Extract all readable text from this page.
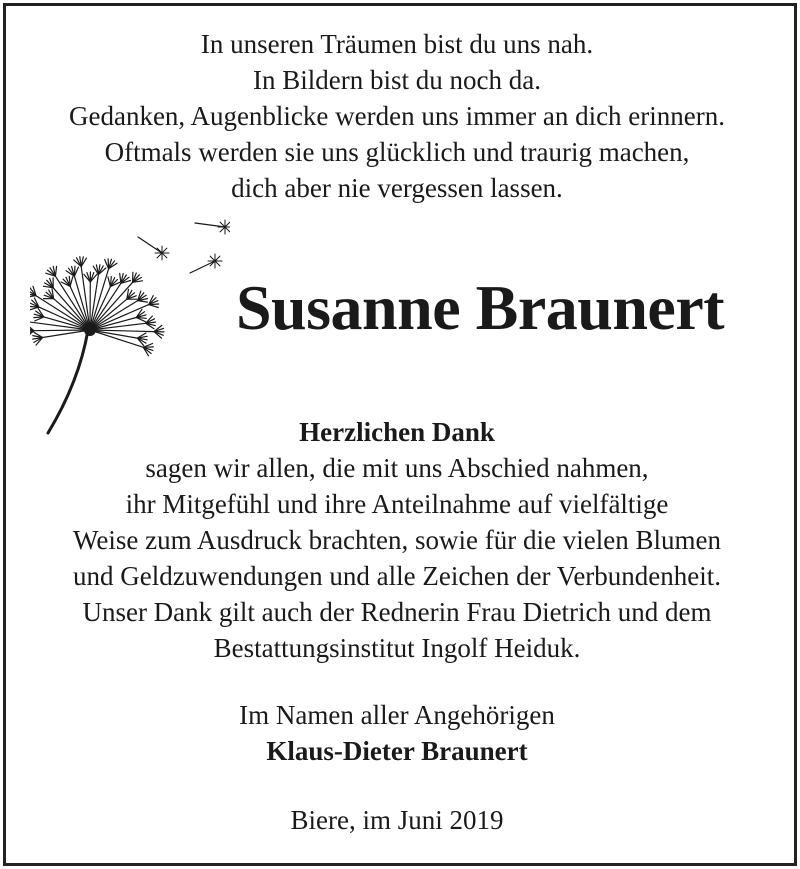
In unseren Träumen bist du uns nah.
In Bildern bist du noch da.
Gedanken, Augenblicke werden uns immer an dich erinnern.
Oftmals werden sie uns glücklich und traurig machen,
dich aber nie vergessen lassen.
Susanne Braunert
Herzlichen Dank
sagen wir allen, die mit uns Abschied nahmen,
ihr Mitgefühl und ihre Anteilnahme auf vielfältige
Weise zum Ausdruck brachten, sowie für die vielen Blumen
und Geldzuwendungen und alle Zeichen der Verbundenheit.
Unser Dank gilt auch der Rednerin Frau Dietrich und dem
Bestattungsinstitut Ingolf Heiduk.
Im Namen aller Angehörigen
Klaus-Dieter Braunert
Biere, im Juni 2019
